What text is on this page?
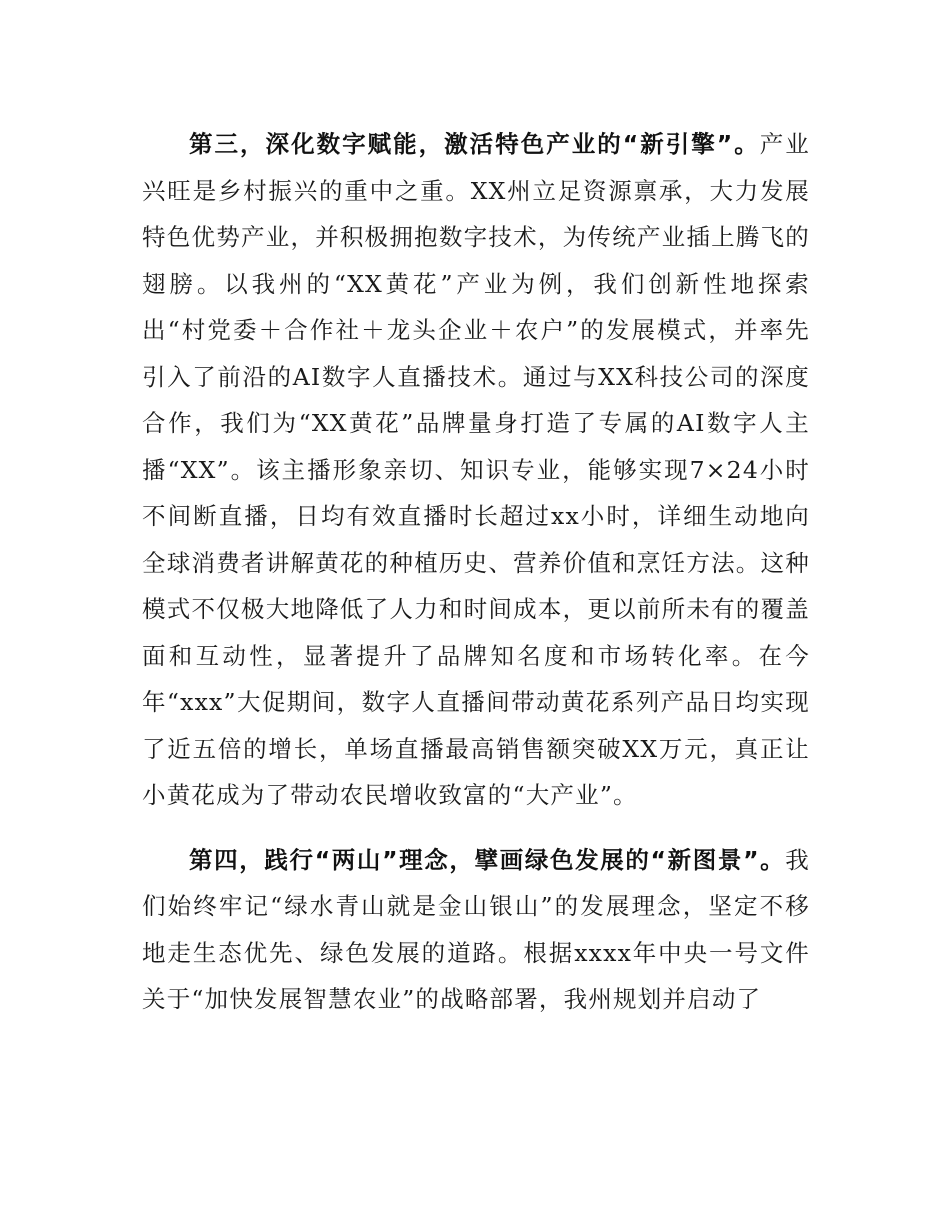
第三，深化数字赋能，激活特色产业的“新引擎”。产业兴旺是乡村振兴的重中之重。XX州立足资源禀承，大力发展特色优势产业，并积极拥抱数字技术，为传统产业插上腾飞的翅膀。以我州的“XX黄花”产业为例，我们创新性地探索出“村党委＋合作社＋龙头企业＋农户”的发展模式，并率先引入了前沿的AI数字人直播技术。通过与XX科技公司的深度合作，我们为“XX黄花”品牌量身打造了专属的AI数字人主播“XX”。该主播形象亲切、知识专业，能够实现7×24小时不间断直播，日均有效直播时长超过xx小时，详细生动地向全球消费者讲解黄花的种植历史、营养价值和烹饪方法。这种模式不仅极大地降低了人力和时间成本，更以前所未有的覆盖面和互动性，显著提升了品牌知名度和市场转化率。在今年“xxx”大促期间，数字人直播间带动黄花系列产品日均实现了近五倍的增长，单场直播最高销售额突破XX万元，真正让小黄花成为了带动农民增收致富的“大产业”。

第四，践行“两山”理念，擘画绿色发展的“新图景”。我们始终牢记“绿水青山就是金山银山”的发展理念，坚定不移地走生态优先、绿色发展的道路。根据xxxx年中央一号文件关于“加快发展智慧农业”的战略部署，我州规划并启动了
